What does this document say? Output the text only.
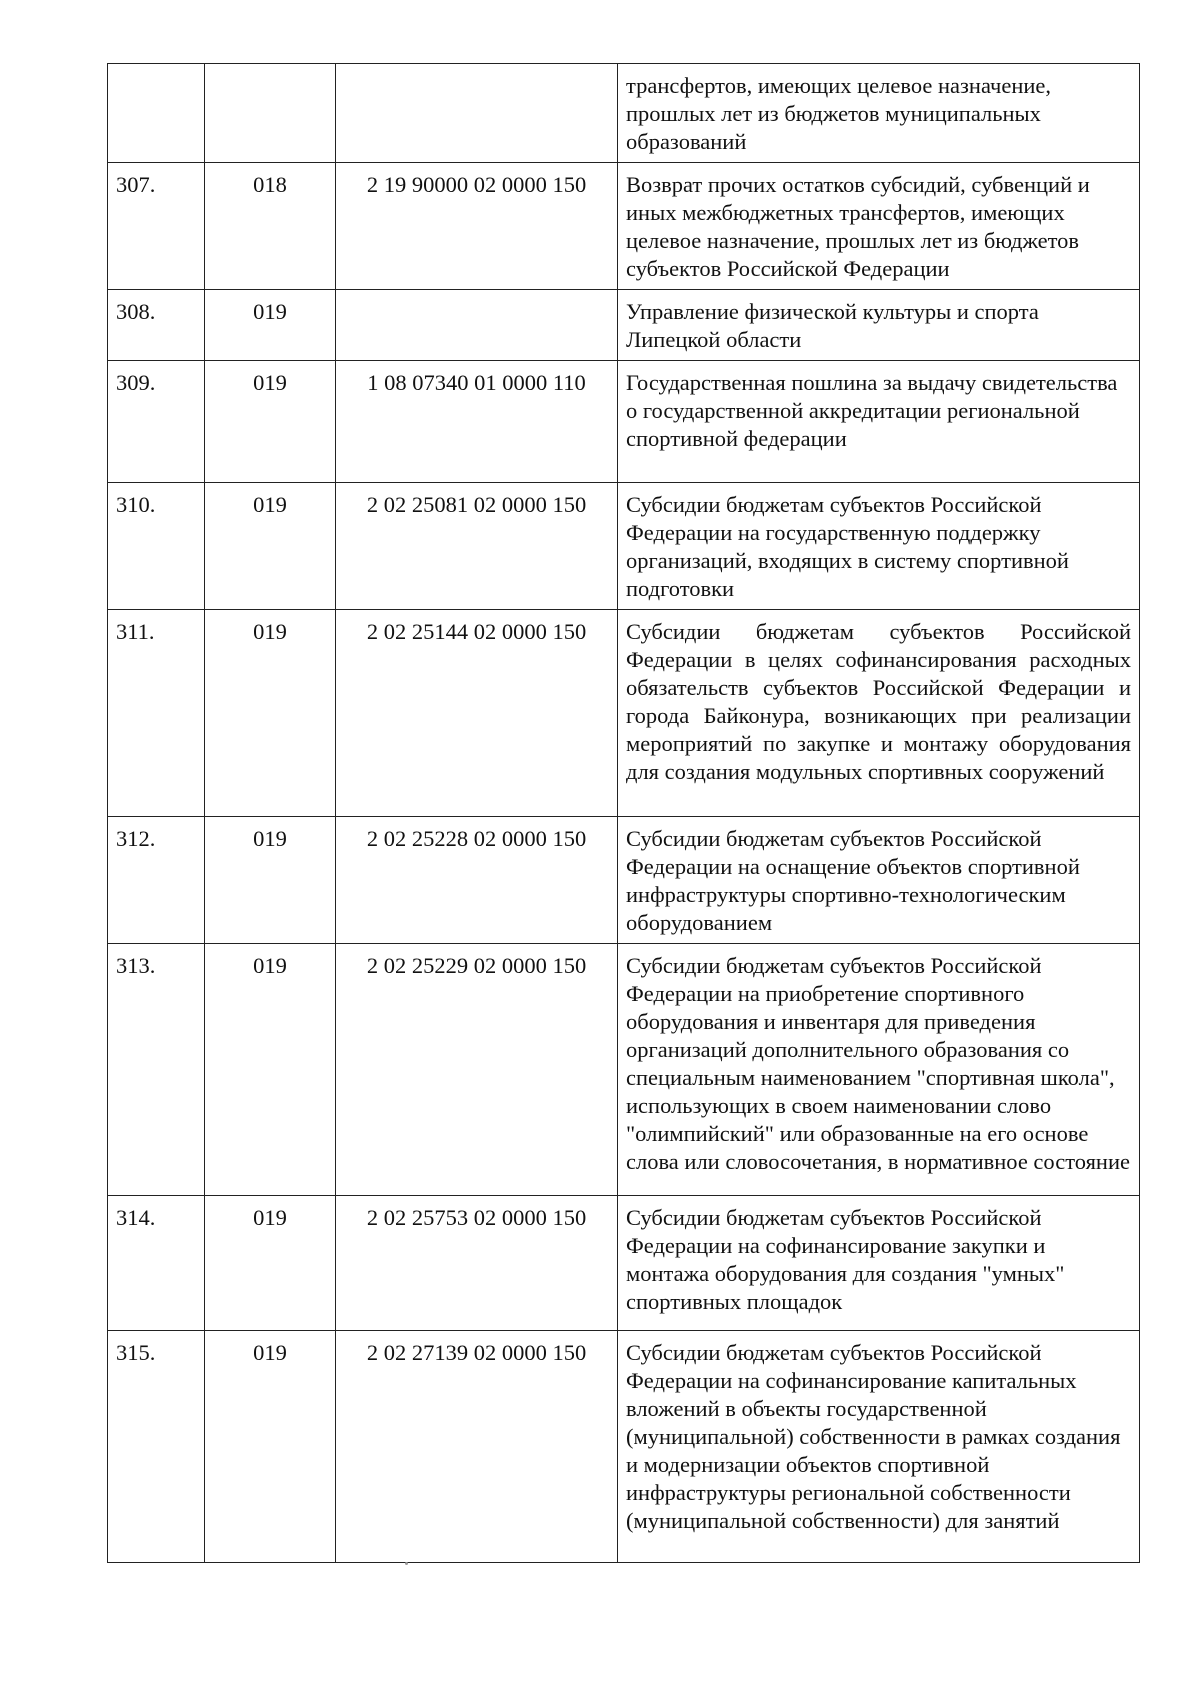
			трансфертов, имеющих целевое назначение, прошлых лет из бюджетов муниципальных образований
307.	018	2 19 90000 02 0000 150	Возврат прочих остатков субсидий, субвенций и иных межбюджетных трансфертов, имеющих целевое назначение, прошлых лет из бюджетов субъектов Российской Федерации
308.	019		Управление физической культуры и спорта Липецкой области
309.	019	1 08 07340 01 0000 110	Государственная пошлина за выдачу свидетельства о государственной аккредитации региональной спортивной федерации
310.	019	2 02 25081 02 0000 150	Субсидии бюджетам субъектов Российской Федерации на государственную поддержку организаций, входящих в систему спортивной подготовки
311.	019	2 02 25144 02 0000 150	Субсидии бюджетам субъектов Российской Федерации в целях софинансирования расходных обязательств субъектов Российской Федерации и города Байконура, возникающих при реализации мероприятий по закупке и монтажу оборудования для создания модульных спортивных сооружений
312.	019	2 02 25228 02 0000 150	Субсидии бюджетам субъектов Российской Федерации на оснащение объектов спортивной инфраструктуры спортивно-технологическим оборудованием
313.	019	2 02 25229 02 0000 150	Субсидии бюджетам субъектов Российской Федерации на приобретение спортивного оборудования и инвентаря для приведения организаций дополнительного образования со специальным наименованием "спортивная школа", использующих в своем наименовании слово "олимпийский" или образованные на его основе слова или словосочетания, в нормативное состояние
314.	019	2 02 25753 02 0000 150	Субсидии бюджетам субъектов Российской Федерации на софинансирование закупки и монтажа оборудования для создания "умных" спортивных площадок
315.	019	2 02 27139 02 0000 150	Субсидии бюджетам субъектов Российской Федерации на софинансирование капитальных вложений в объекты государственной (муниципальной) собственности в рамках создания и модернизации объектов спортивной инфраструктуры региональной собственности (муниципальной собственности) для занятий
